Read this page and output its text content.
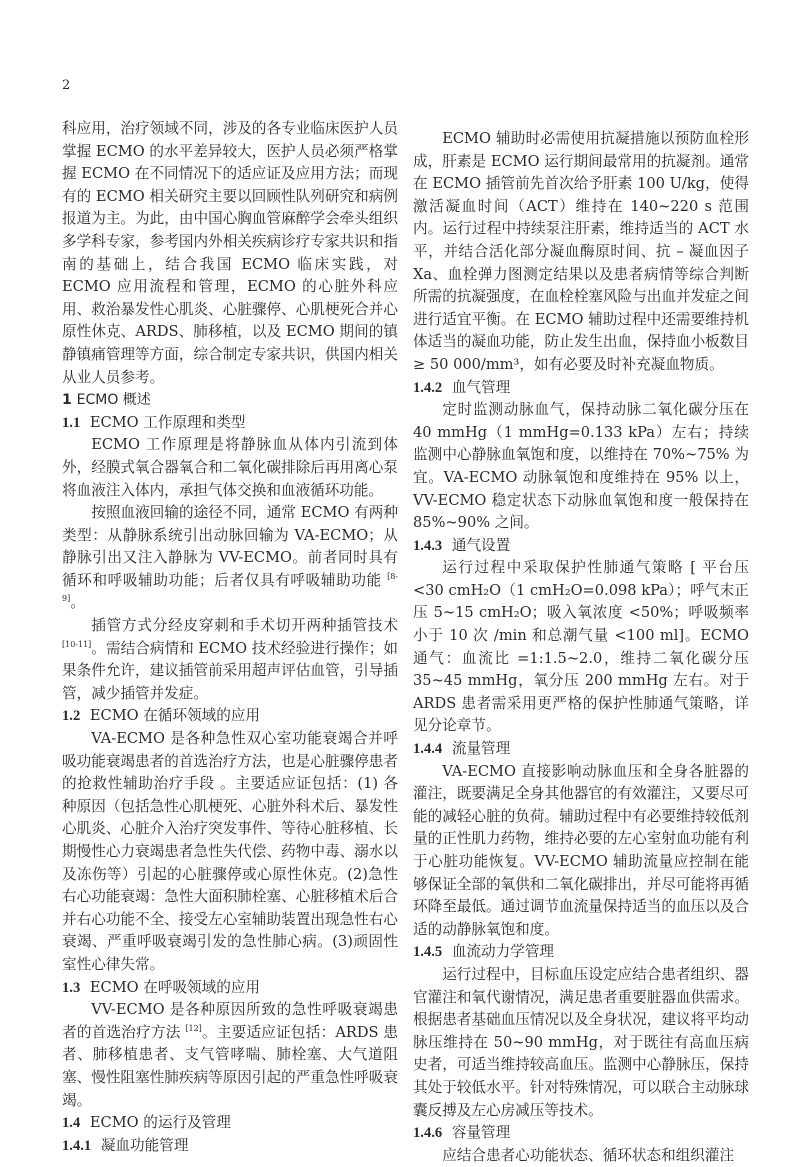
2

科应用，治疗领域不同，涉及的各专业临床医护人员掌握 ECMO 的水平差异较大，医护人员必须严格掌握 ECMO 在不同情况下的适应证及应用方法；而现有的 ECMO 相关研究主要以回顾性队列研究和病例报道为主。为此，由中国心胸血管麻醉学会牵头组织多学科专家，参考国内外相关疾病诊疗专家共识和指南的基础上，结合我国 ECMO 临床实践，对 ECMO 应用流程和管理，ECMO 的心脏外科应用、救治暴发性心肌炎、心脏骤停、心肌梗死合并心原性休克、ARDS、肺移植，以及 ECMO 期间的镇静镇痛管理等方面，综合制定专家共识，供国内相关从业人员参考。

1 ECMO 概述
1.1 ECMO 工作原理和类型

ECMO 工作原理是将静脉血从体内引流到体外，经膜式氧合器氧合和二氧化碳排除后再用离心泵将血液注入体内，承担气体交换和血液循环功能。

按照血液回输的途径不同，通常 ECMO 有两种类型：从静脉系统引出动脉回输为 VA-ECMO；从静脉引出又注入静脉为 VV-ECMO。前者同时具有循环和呼吸辅助功能；后者仅具有呼吸辅助功能 [8-9]。

插管方式分经皮穿刺和手术切开两种插管技术 [10-11]。需结合病情和 ECMO 技术经验进行操作；如果条件允许，建议插管前采用超声评估血管，引导插管，减少插管并发症。

1.2 ECMO 在循环领域的应用

VA-ECMO 是各种急性双心室功能衰竭合并呼吸功能衰竭患者的首选治疗方法，也是心脏骤停患者的抢救性辅助治疗手段 。主要适应证包括：(1) 各种原因（包括急性心肌梗死、心脏外科术后、暴发性心肌炎、心脏介入治疗突发事件、等待心脏移植、长期慢性心力衰竭患者急性失代偿、药物中毒、溺水以及冻伤等）引起的心脏骤停或心原性休克。(2)急性右心功能衰竭：急性大面积肺栓塞、心脏移植术后合并右心功能不全、接受左心室辅助装置出现急性右心衰竭、严重呼吸衰竭引发的急性肺心病。(3)顽固性室性心律失常。

1.3 ECMO 在呼吸领域的应用

VV-ECMO 是各种原因所致的急性呼吸衰竭患者的首选治疗方法 [12]。主要适应证包括：ARDS 患者、肺移植患者、支气管哮喘、肺栓塞、大气道阻塞、慢性阻塞性肺疾病等原因引起的严重急性呼吸衰竭。

1.4 ECMO 的运行及管理
1.4.1 凝血功能管理

ECMO 辅助时必需使用抗凝措施以预防血栓形成，肝素是 ECMO 运行期间最常用的抗凝剂。通常在 ECMO 插管前先首次给予肝素 100 U/kg，使得激活凝血时间（ACT）维持在 140~220 s 范围内。运行过程中持续泵注肝素，维持适当的 ACT 水平，并结合活化部分凝血酶原时间、抗 – 凝血因子 Xa、血栓弹力图测定结果以及患者病情等综合判断所需的抗凝强度，在血栓栓塞风险与出血并发症之间进行适宜平衡。在 ECMO 辅助过程中还需要维持机体适当的凝血功能，防止发生出血，保持血小板数目≥ 50 000/mm³，如有必要及时补充凝血物质。

1.4.2 血气管理

定时监测动脉血气，保持动脉二氧化碳分压在 40 mmHg（1 mmHg=0.133 kPa）左右；持续监测中心静脉血氧饱和度，以维持在 70%~75% 为宜。VA-ECMO 动脉氧饱和度维持在 95% 以上，VV-ECMO 稳定状态下动脉血氧饱和度一般保持在 85%~90% 之间。

1.4.3 通气设置

运行过程中采取保护性肺通气策略 [ 平台压 <30 cmH₂O（1 cmH₂O=0.098 kPa）；呼气末正压 5~15 cmH₂O；吸入氧浓度 <50%；呼吸频率小于 10 次 /min 和总潮气量 <100 ml]。ECMO 通气：血流比 =1:1.5~2.0，维持二氧化碳分压 35~45 mmHg，氧分压 200 mmHg 左右。对于 ARDS 患者需采用更严格的保护性肺通气策略，详见分论章节。

1.4.4 流量管理

VA-ECMO 直接影响动脉血压和全身各脏器的灌注，既要满足全身其他器官的有效灌注，又要尽可能的减轻心脏的负荷。辅助过程中有必要维持较低剂量的正性肌力药物，维持必要的左心室射血功能有利于心脏功能恢复。VV-ECMO 辅助流量应控制在能够保证全部的氧供和二氧化碳排出，并尽可能将再循环降至最低。通过调节血流量保持适当的血压以及合适的动静脉氧饱和度。

1.4.5 血流动力学管理

运行过程中，目标血压设定应结合患者组织、器官灌注和氧代谢情况，满足患者重要脏器血供需求。根据患者基础血压情况以及全身状况，建议将平均动脉压维持在 50~90 mmHg，对于既往有高血压病史者，可适当维持较高血压。监测中心静脉压，保持其处于较低水平。针对特殊情况，可以联合主动脉球囊反搏及左心房减压等技术。

1.4.6 容量管理

应结合患者心功能状态、循环状态和组织灌注
